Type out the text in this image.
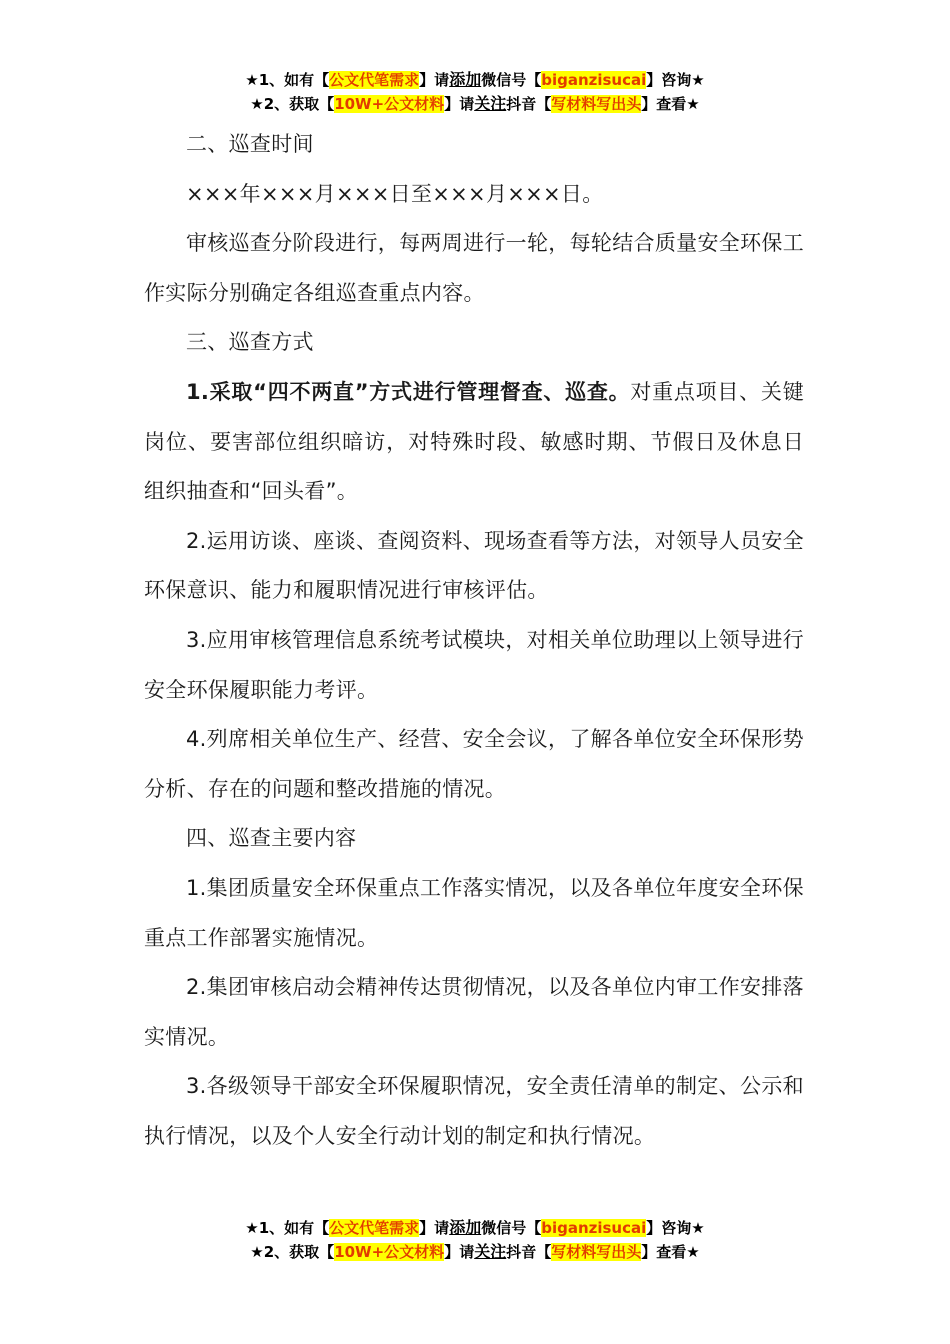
★1、如有【公文代笔需求】请添加微信号【biganzisucai】咨询★
★2、获取【10W+公文材料】请关注抖音【写材料写出头】查看★

二、巡查时间

×××年×××月×××日至×××月×××日。

审核巡查分阶段进行，每两周进行一轮，每轮结合质量安全环保工作实际分别确定各组巡查重点内容。

三、巡查方式

1.采取“四不两直”方式进行管理督查、巡查。对重点项目、关键岗位、要害部位组织暗访，对特殊时段、敏感时期、节假日及休息日组织抽查和“回头看”。

2.运用访谈、座谈、查阅资料、现场查看等方法，对领导人员安全环保意识、能力和履职情况进行审核评估。

3.应用审核管理信息系统考试模块，对相关单位助理以上领导进行安全环保履职能力考评。

4.列席相关单位生产、经营、安全会议，了解各单位安全环保形势分析、存在的问题和整改措施的情况。

四、巡查主要内容

1.集团质量安全环保重点工作落实情况，以及各单位年度安全环保重点工作部署实施情况。

2.集团审核启动会精神传达贯彻情况，以及各单位内审工作安排落实情况。

3.各级领导干部安全环保履职情况，安全责任清单的制定、公示和执行情况，以及个人安全行动计划的制定和执行情况。

★1、如有【公文代笔需求】请添加微信号【biganzisucai】咨询★
★2、获取【10W+公文材料】请关注抖音【写材料写出头】查看★
